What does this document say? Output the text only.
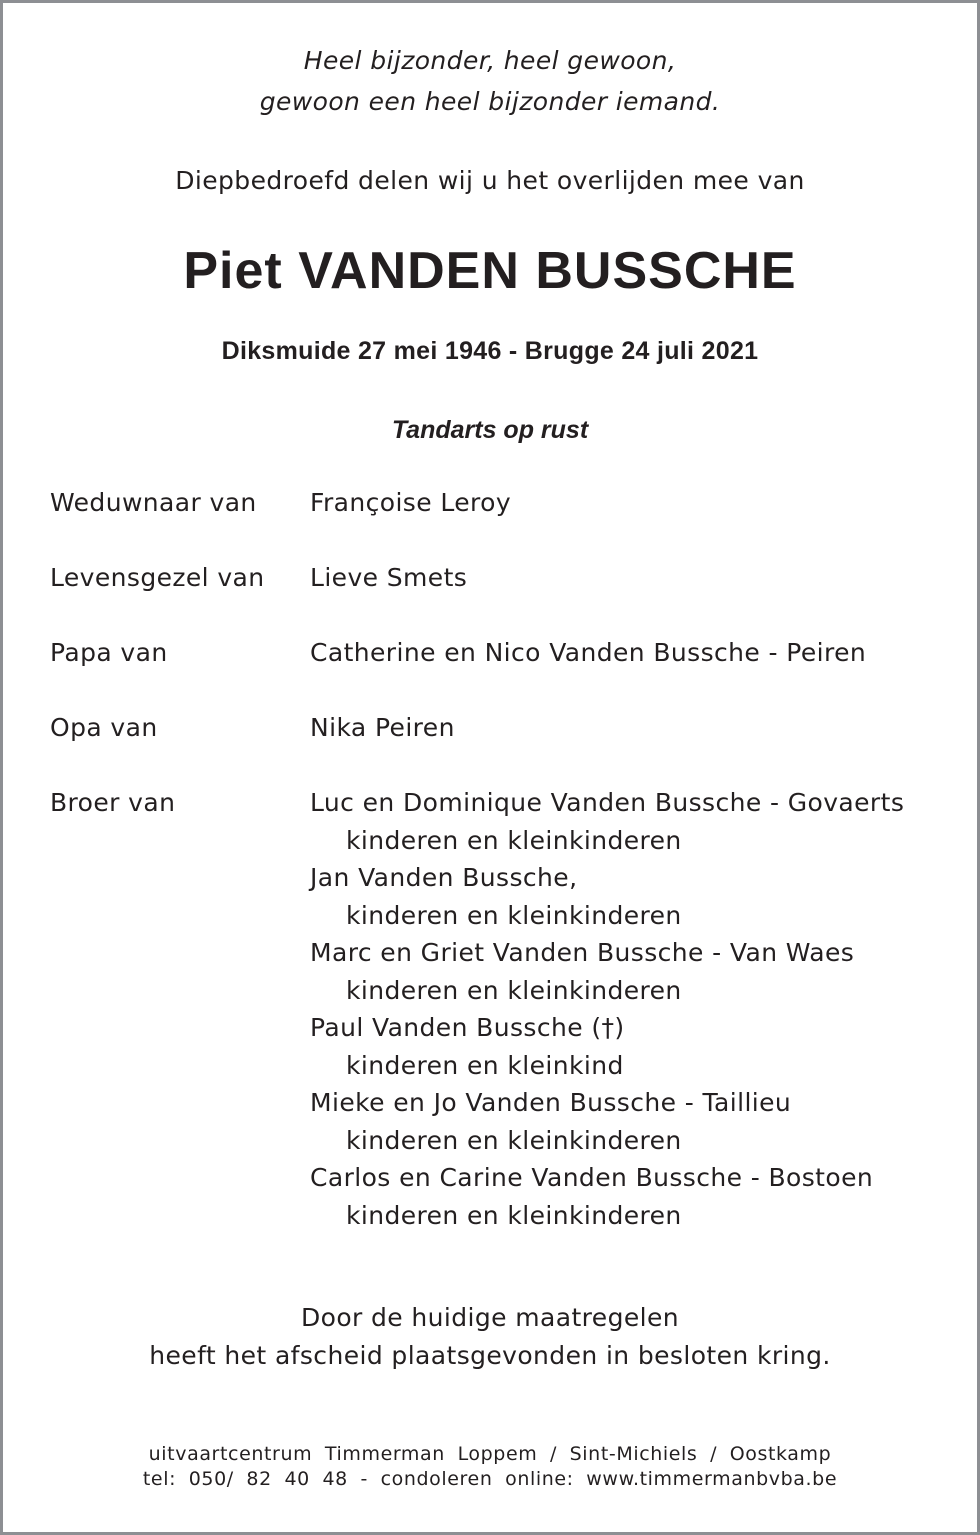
Heel bijzonder, heel gewoon,
gewoon een heel bijzonder iemand.
Diepbedroefd delen wij u het overlijden mee van
Piet VANDEN BUSSCHE
Diksmuide 27 mei 1946 - Brugge 24 juli 2021
Tandarts op rust
Weduwnaar van Françoise Leroy
Levensgezel van Lieve Smets
Papa van	Catherine en Nico Vanden Bussche - Peiren
Opa van	Nika Peiren
Broer van	Luc en Dominique Vanden Bussche - Govaerts
kinderen en kleinkinderen
Jan Vanden Bussche,
kinderen en kleinkinderen
Marc en Griet Vanden Bussche - Van Waes
kinderen en kleinkinderen
Paul Vanden Bussche (†)
kinderen en kleinkind
Mieke en Jo Vanden Bussche - Taillieu
kinderen en kleinkinderen
Carlos en Carine Vanden Bussche - Bostoen
kinderen en kleinkinderen
Door de huidige maatregelen
heeft het afscheid plaatsgevonden in besloten kring.
uitvaartcentrum Timmerman Loppem / Sint-Michiels / Oostkamp
tel: 050/ 82 40 48 - condoleren online: www.timmermanbvba.be
